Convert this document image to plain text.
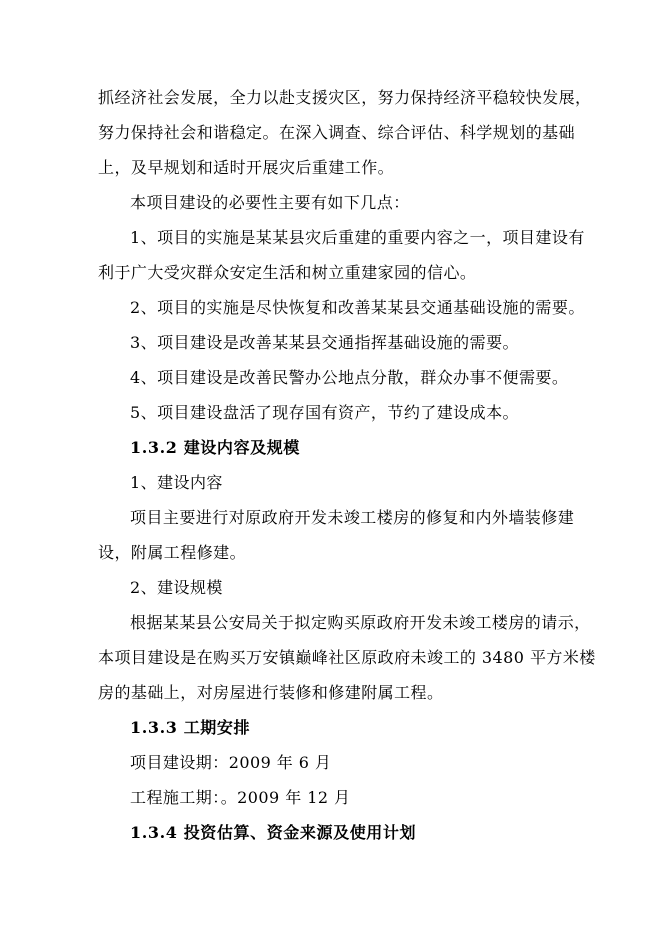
抓经济社会发展，全力以赴支援灾区，努力保持经济平稳较快发展，

努力保持社会和谐稳定。在深入调查、综合评估、科学规划的基础

上，及早规划和适时开展灾后重建工作。

本项目建设的必要性主要有如下几点：

1、项目的实施是某某县灾后重建的重要内容之一，项目建设有

利于广大受灾群众安定生活和树立重建家园的信心。

2、项目的实施是尽快恢复和改善某某县交通基础设施的需要。

3、项目建设是改善某某县交通指挥基础设施的需要。

4、项目建设是改善民警办公地点分散，群众办事不便需要。

5、项目建设盘活了现存国有资产，节约了建设成本。

1.3.2 建设内容及规模

1、建设内容

项目主要进行对原政府开发未竣工楼房的修复和内外墙装修建

设，附属工程修建。

2、建设规模

根据某某县公安局关于拟定购买原政府开发未竣工楼房的请示，

本项目建设是在购买万安镇巅峰社区原政府未竣工的 3480 平方米楼

房的基础上，对房屋进行装修和修建附属工程。

1.3.3 工期安排

项目建设期：2009 年 6 月

工程施工期：。2009 年 12 月

1.3.4 投资估算、资金来源及使用计划
